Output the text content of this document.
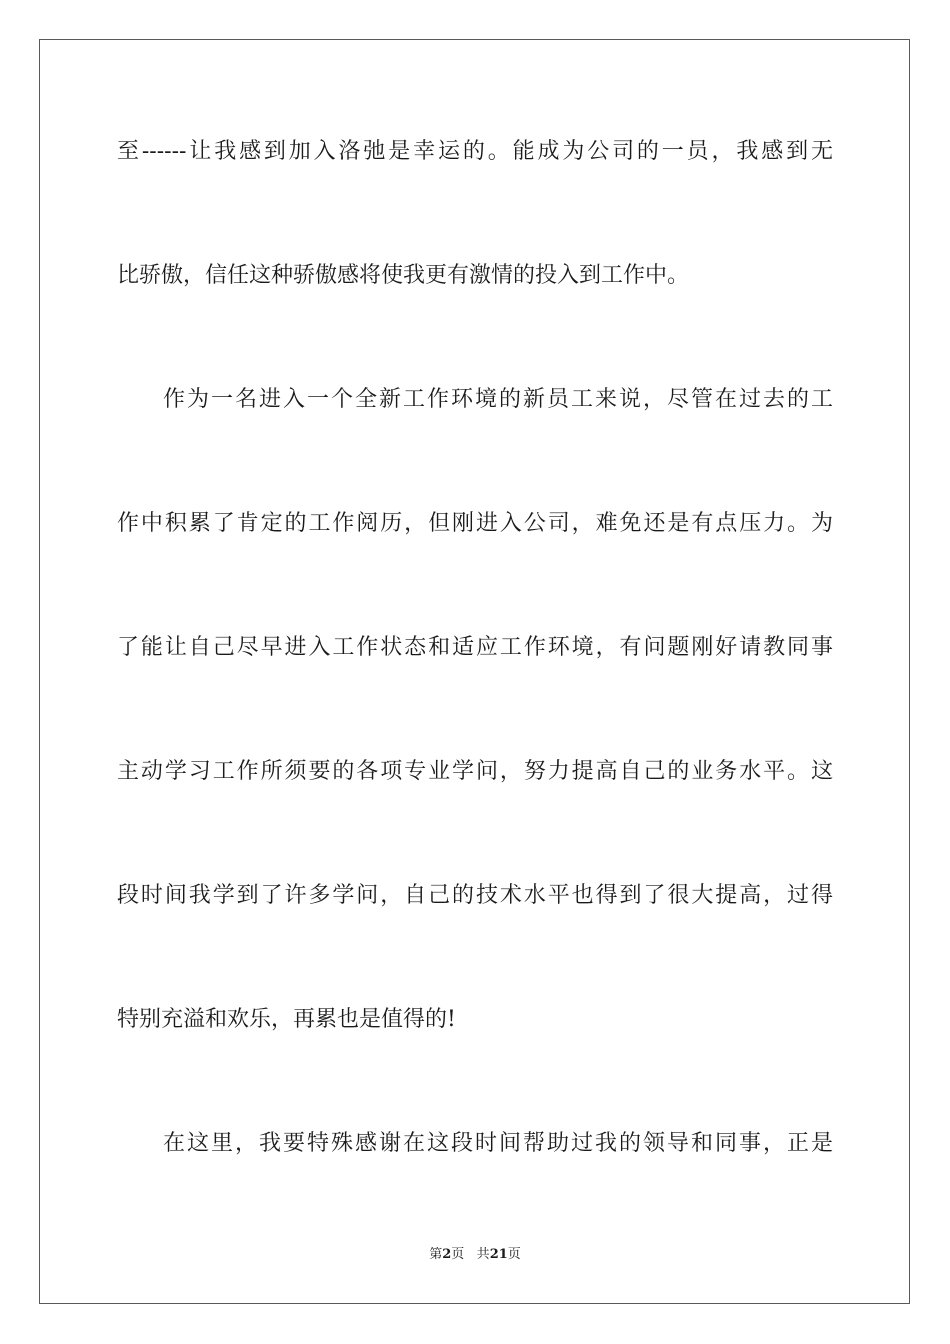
至------让我感到加入洛弛是幸运的。能成为公司的一员，我感到无
比骄傲，信任这种骄傲感将使我更有激情的投入到工作中。
作为一名进入一个全新工作环境的新员工来说，尽管在过去的工
作中积累了肯定的工作阅历，但刚进入公司，难免还是有点压力。为
了能让自己尽早进入工作状态和适应工作环境，有问题刚好请教同事
主动学习工作所须要的各项专业学问，努力提高自己的业务水平。这
段时间我学到了许多学问，自己的技术水平也得到了很大提高，过得
特别充溢和欢乐，再累也是值得的!
在这里，我要特殊感谢在这段时间帮助过我的领导和同事，正是
第2页 共21页
